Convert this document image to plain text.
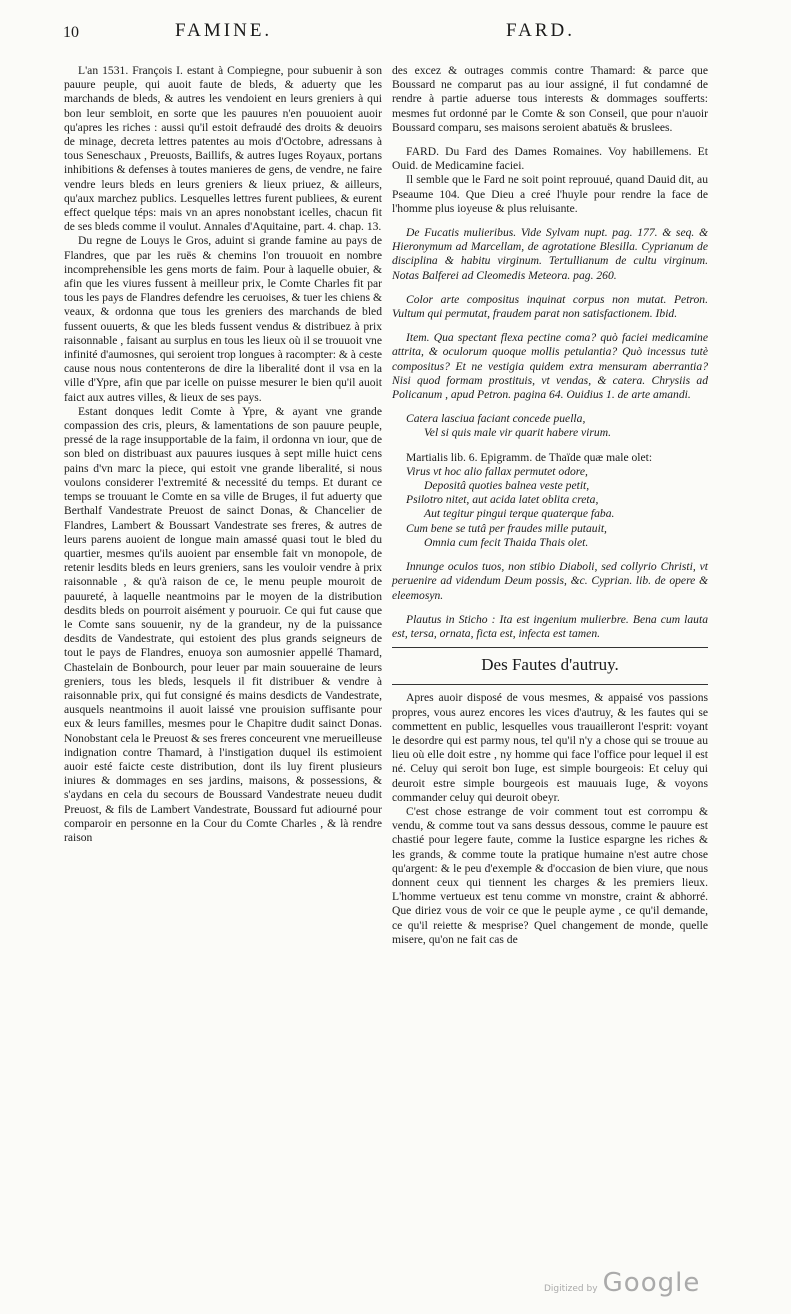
10	FAMINE.	FARD.

L'an 1531. François I. estant à Compiegne, pour subuenir à son pauure peuple, qui auoit faute de bleds, & aduerty que les marchands de bleds, & autres les vendoient en leurs greniers à qui bon leur sembloit, en sorte que les pauures n'en pouuoient auoir qu'apres les riches : aussi qu'il estoit defraudé des droits & deuoirs de minage, decreta lettres patentes au mois d'Octobre, adressans à tous Seneschaux , Preuosts, Baillifs, & autres Iuges Royaux, portans inhibitions & defenses à toutes manieres de gens, de vendre, ne faire vendre leurs bleds en leurs greniers & lieux priuez, & ailleurs, qu'aux marchez publics. Lesquelles lettres furent publiees, & eurent effect quelque téps: mais vn an apres nonobstant icelles, chacun fit de ses bleds comme il voulut. Annales d'Aquitaine, part. 4. chap. 13.

Du regne de Louys le Gros, aduint si grande famine au pays de Flandres, que par les ruës & chemins l'on trouuoit en nombre incomprehensible les gens morts de faim. Pour à laquelle obuier, & afin que les viures fussent à meilleur prix, le Comte Charles fit par tous les pays de Flandres defendre les ceruoises, & tuer les chiens & veaux, & ordonna que tous les greniers des marchands de bled fussent ouuerts, & que les bleds fussent vendus & distribuez à prix raisonnable , faisant au surplus en tous les lieux où il se trouuoit vne infinité d'aumosnes, qui seroient trop longues à racompter: & à ceste cause nous nous contenterons de dire la liberalité dont il vsa en la ville d'Ypre, afin que par icelle on puisse mesurer le bien qu'il auoit faict aux autres villes, & lieux de ses pays.

Estant donques ledit Comte à Ypre, & ayant vne grande compassion des cris, pleurs, & lamentations de son pauure peuple, pressé de la rage insupportable de la faim, il ordonna vn iour, que de son bled on distribuast aux pauures iusques à sept mille huict cens pains d'vn marc la piece, qui estoit vne grande liberalité, si nous voulons considerer l'extremité & necessité du temps. Et durant ce temps se trouuant le Comte en sa ville de Bruges, il fut aduerty que Berthalf Vandestrate Preuost de sainct Donas, & Chancelier de Flandres, Lambert & Boussart Vandestrate ses freres, & autres de leurs parens auoient de longue main amassé quasi tout le bled du quartier, mesmes qu'ils auoient par ensemble fait vn monopole, de retenir lesdits bleds en leurs greniers, sans les vouloir vendre à prix raisonnable , & qu'à raison de ce, le menu peuple mouroit de pauureté, à laquelle neantmoins par le moyen de la distribution desdits bleds on pourroit aisément y pouruoir. Ce qui fut cause que le Comte sans souuenir, ny de la grandeur, ny de la puissance desdits de Vandestrate, qui estoient des plus grands seigneurs de tout le pays de Flandres, enuoya son aumosnier appellé Thamard, Chastelain de Bonbourch, pour leuer par main souueraine de leurs greniers, tous les bleds, lesquels il fit distribuer & vendre à raisonnable prix, qui fut consigné és mains desdicts de Vandestrate, ausquels neantmoins il auoit laissé vne prouision suffisante pour eux & leurs familles, mesmes pour le Chapitre dudit sainct Donas. Nonobstant cela le Preuost & ses freres conceurent vne merueilleuse indignation contre Thamard, à l'instigation duquel ils estimoient auoir esté faicte ceste distribution, dont ils luy firent plusieurs iniures & dommages en ses jardins, maisons, & possessions, & s'aydans en cela du secours de Boussard Vandestrate neueu dudit Preuost, & fils de Lambert Vandestrate, Boussard fut adiourné pour comparoir en personne en la Cour du Comte Charles , & là rendre raison

des excez & outrages commis contre Thamard: & parce que Boussard ne comparut pas au iour assigné, il fut condamné de rendre à partie aduerse tous interests & dommages soufferts: mesmes fut ordonné par le Comte & son Conseil, que pour n'auoir Boussard comparu, ses maisons seroient abatuës & bruslees.

FARD. Du Fard des Dames Romaines. Voy habillemens. Et Ouid. de Medicamine faciei.

Il semble que le Fard ne soit point reprouué, quand Dauid dit, au Pseaume 104. Que Dieu a creé l'huyle pour rendre la face de l'homme plus ioyeuse & plus reluisante.

De Fucatis mulieribus. Vide Sylvam nupt. pag. 177. & seq. & Hieronymum ad Marcellam, de agrotatione Blesilla. Cyprianum de disciplina & habitu virginum. Tertullianum de cultu virginum. Notas Balferei ad Cleomedis Meteora. pag. 260.

Color arte compositus inquinat corpus non mutat. Petron. Vultum qui permutat, fraudem parat non satisfactionem. Ibid.

Item. Qua spectant flexa pectine coma? quò faciei medicamine attrita, & oculorum quoque mollis petulantia? Quò incessus tutè compositus? Et ne vestigia quidem extra mensuram aberrantia? Nisi quod formam prostituis, vt vendas, & catera. Chrysiis ad Policanum , apud Petron. pagina 64. Ouidius 1. de arte amandi.

Catera lasciua faciant concede puella,

Vel si quis male vir quarit habere virum.

Martialis lib. 6. Epigramm. de Thaïde quæ male olet:

Virus vt hoc alio fallax permutet odore,

Depositâ quoties balnea veste petit,

Psilotro nitet, aut acida latet oblita creta,

Aut tegitur pingui terque quaterque faba.

Cum bene se tutâ per fraudes mille putauit,

Omnia cum fecit Thaida Thais olet.

Innunge oculos tuos, non stibio Diaboli, sed collyrio Christi, vt peruenire ad videndum Deum possis, &c. Cyprian. lib. de opere & eleemosyn.

Plautus in Sticho : Ita est ingenium mulierbre. Bena cum lauta est, tersa, ornata, ficta est, infecta est tamen.

Des Fautes d'autruy.

Apres auoir disposé de vous mesmes, & appaisé vos passions propres, vous aurez encores les vices d'autruy, & les fautes qui se commettent en public, lesquelles vous trauailleront l'esprit: voyant le desordre qui est parmy nous, tel qu'il n'y a chose qui se trouue au lieu où elle doit estre , ny homme qui face l'office pour lequel il est né. Celuy qui seroit bon Iuge, est simple bourgeois: Et celuy qui deuroit estre simple bourgeois est mauuais Iuge, & voyons commander celuy qui deuroit obeyr.

C'est chose estrange de voir comment tout est corrompu & vendu, & comme tout va sans dessus dessous, comme le pauure est chastié pour legere faute, comme la Iustice espargne les riches & les grands, & comme toute la pratique humaine n'est autre chose qu'argent: & le peu d'exemple & d'occasion de bien viure, que nous donnent ceux qui tiennent les charges & les premiers lieux. L'homme vertueux est tenu comme vn monstre, craint & abhorré. Que diriez vous de voir ce que le peuple ayme , ce qu'il demande, ce qu'il reiette & mesprise? Quel changement de monde, quelle misere, qu'on ne fait cas de

Digitized by Google
